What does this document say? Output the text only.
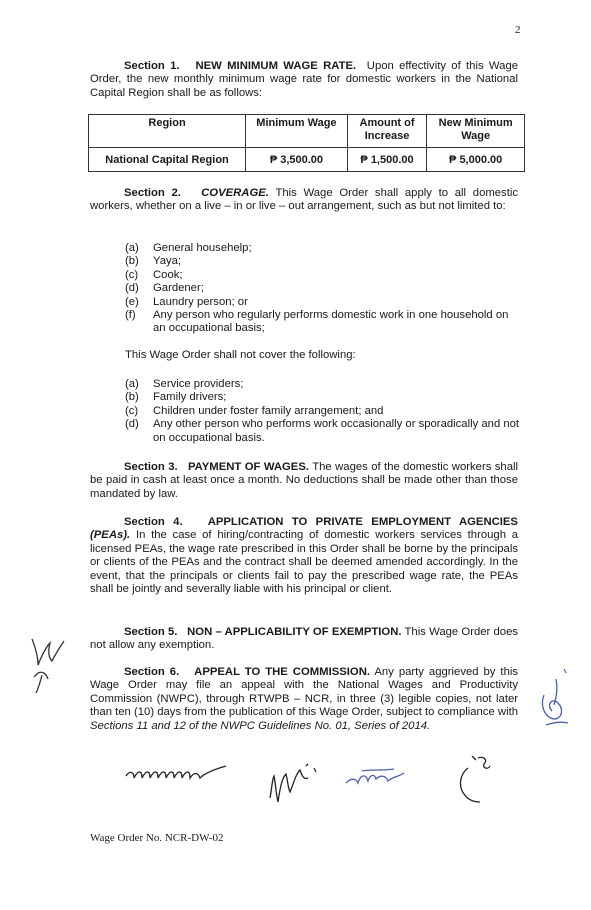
2
Section 1. NEW MINIMUM WAGE RATE. Upon effectivity of this Wage Order, the new monthly minimum wage rate for domestic workers in the National Capital Region shall be as follows:
Region	Minimum Wage	Amount of Increase	New Minimum Wage
National Capital Region	₱ 3,500.00	₱ 1,500.00	₱ 5,000.00
Section 2. COVERAGE. This Wage Order shall apply to all domestic workers, whether on a live – in or live – out arrangement, such as but not limited to:
(a) General househelp;
(b) Yaya;
(c) Cook;
(d) Gardener;
(e) Laundry person; or
(f) Any person who regularly performs domestic work in one household on an occupational basis;
This Wage Order shall not cover the following:
(a) Service providers;
(b) Family drivers;
(c) Children under foster family arrangement; and
(d) Any other person who performs work occasionally or sporadically and not on occupational basis.
Section 3. PAYMENT OF WAGES. The wages of the domestic workers shall be paid in cash at least once a month. No deductions shall be made other than those mandated by law.
Section 4. APPLICATION TO PRIVATE EMPLOYMENT AGENCIES (PEAs). In the case of hiring/contracting of domestic workers services through a licensed PEAs, the wage rate prescribed in this Order shall be borne by the principals or clients of the PEAs and the contract shall be deemed amended accordingly. In the event, that the principals or clients fail to pay the prescribed wage rate, the PEAs shall be jointly and severally liable with his principal or client.
Section 5. NON – APPLICABILITY OF EXEMPTION. This Wage Order does not allow any exemption.
Section 6. APPEAL TO THE COMMISSION. Any party aggrieved by this Wage Order may file an appeal with the National Wages and Productivity Commission (NWPC), through RTWPB – NCR, in three (3) legible copies, not later than ten (10) days from the publication of this Wage Order, subject to compliance with Sections 11 and 12 of the NWPC Guidelines No. 01, Series of 2014.
Wage Order No. NCR-DW-02
